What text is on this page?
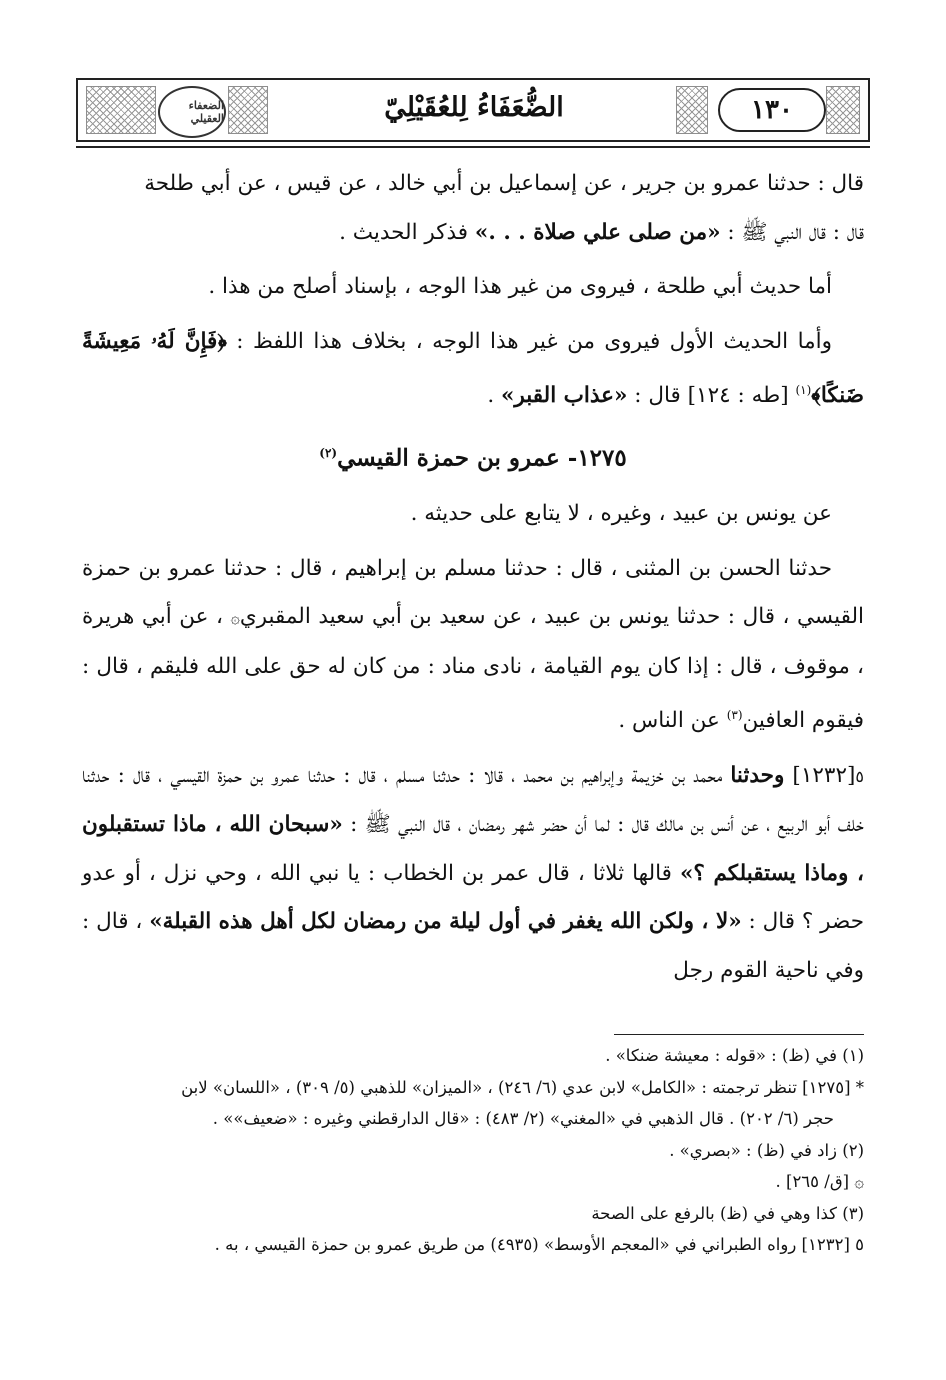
١٣٠
الضُّعَفَاءُ لِلعُقَيْلِيّ
الضعفاء العقيلي

قال : حدثنا عمرو بن جرير ، عن إسماعيل بن أبي خالد ، عن قيس ، عن أبي طلحة
قال : قال النبي ﷺ : «من صلى علي صلاة . . .» فذكر الحديث .

أما حديث أبي طلحة ، فيروى من غير هذا الوجه ، بإسناد أصلح من هذا .

وأما الحديث الأول فيروى من غير هذا الوجه ، بخلاف هذا اللفظ : ﴿فَإِنَّ لَهُۥ مَعِيشَةً ضَنكًا﴾$^{(١)}$ [طه : ١٢٤] قال : «عذاب القبر» .

١٢٧٥- عمرو بن حمزة القيسي$^{(٢)}$

عن يونس بن عبيد ، وغيره ، لا يتابع على حديثه .

حدثنا الحسن بن المثنى ، قال : حدثنا مسلم بن إبراهيم ، قال : حدثنا عمرو بن حمزة القيسي ، قال : حدثنا يونس بن عبيد ، عن سعيد بن أبي سعيد المقبري۞ ، عن أبي هريرة ، موقوف ، قال : إذا كان يوم القيامة ، نادى مناد : من كان له حق على الله فليقم ، قال : فيقوم العافين$^{(٣)}$ عن الناس .

٥[١٢٣٢] وحدثنا محمد بن خزيمة وإبراهيم بن محمد ، قالا : حدثنا مسلم ، قال : حدثنا عمرو بن حمزة القيسي ، قال : حدثنا خلف أبو الربيع ، عن أنس بن مالك قال : لما أن حضر شهر رمضان ، قال النبي ﷺ : «سبحان الله ، ماذا تستقبلون ، وماذا يستقبلكم ؟» قالها ثلاثا ، قال عمر بن الخطاب : يا نبي الله ، وحي نزل ، أو عدو حضر ؟ قال : «لا ، ولكن الله يغفر في أول ليلة من رمضان لكل أهل هذه القبلة» ، قال : وفي ناحية القوم رجل

(١) في (ظ) : «قوله : معيشة ضنكا» .

* [١٢٧٥] تنظر ترجمته : «الكامل» لابن عدي (٦/ ٢٤٦) ، «الميزان» للذهبي (٥/ ٣٠٩) ، «اللسان» لابن

حجر (٦/ ٢٠٢) . قال الذهبي في «المغني» (٢/ ٤٨٣) : «قال الدارقطني وغيره : «ضعيف»» .

(٢) زاد في (ظ) : «بصري» .

۞ [ق/ ٢٦٥] .

(٣) كذا وهي في (ظ) بالرفع على الصحة

٥ [١٢٣٢] رواه الطبراني في «المعجم الأوسط» (٤٩٣٥) من طريق عمرو بن حمزة القيسي ، به .
